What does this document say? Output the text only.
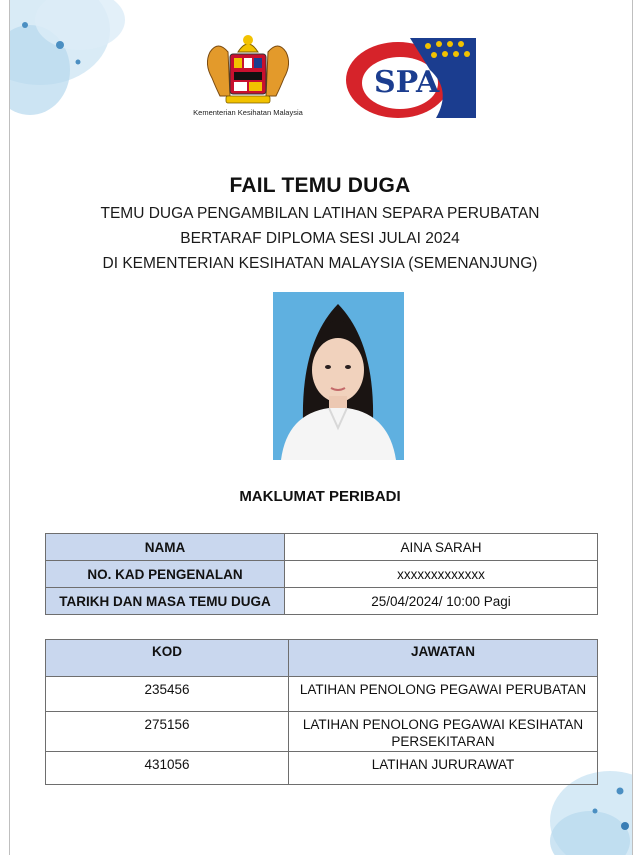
Kementerian Kesihatan Malaysia
SPA
FAIL TEMU DUGA
TEMU DUGA PENGAMBILAN LATIHAN SEPARA PERUBATAN
BERTARAF DIPLOMA SESI JULAI 2024
DI KEMENTERIAN KESIHATAN MALAYSIA (SEMENANJUNG)
MAKLUMAT PERIBADI
NAMA	AINA SARAH
NO. KAD PENGENALAN	xxxxxxxxxxxxx
TARIKH DAN MASA TEMU DUGA	25/04/2024/ 10:00 Pagi
KOD	JAWATAN
235456	LATIHAN PENOLONG PEGAWAI PERUBATAN
275156	LATIHAN PENOLONG PEGAWAI KESIHATAN PERSEKITARAN
431056	LATIHAN JURURAWAT
